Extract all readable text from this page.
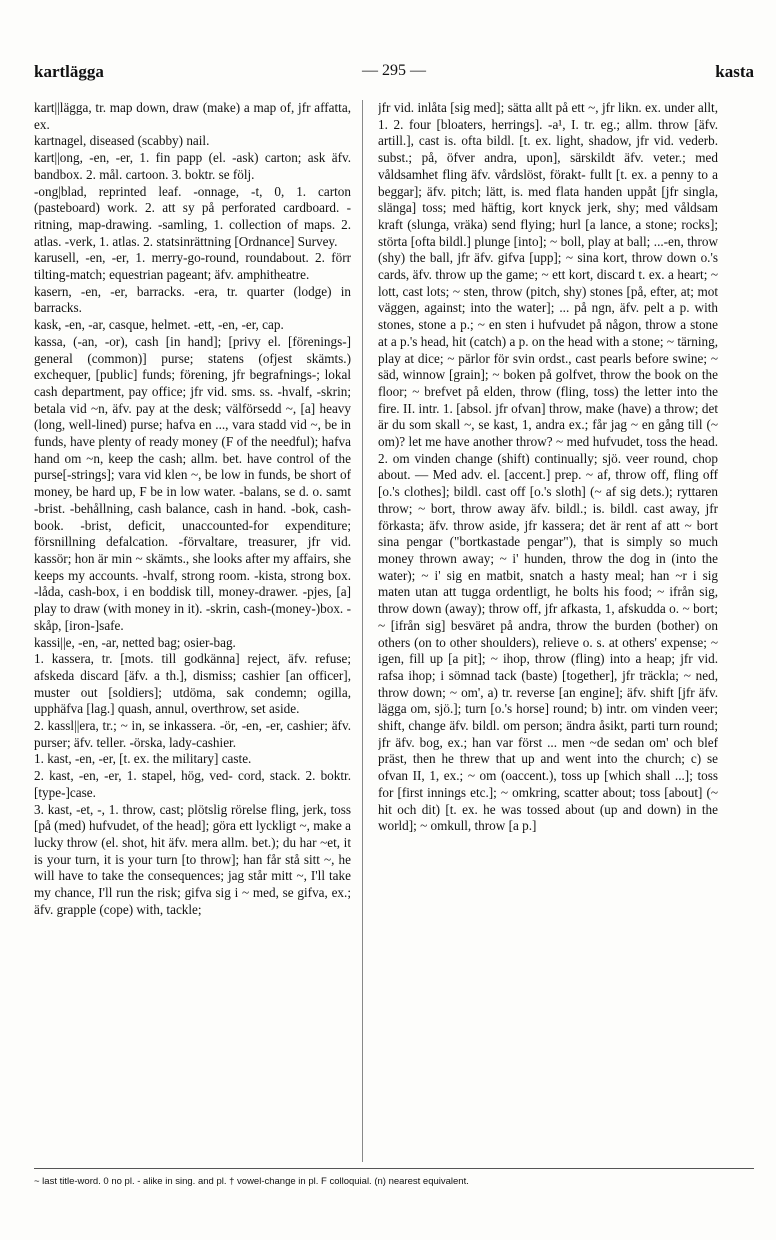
kartlägga	— 295 —	kasta

kart||lägga, tr. map down, draw (make) a map of, jfr affatta, ex.

kartnagel, diseased (scabby) nail.

kart||ong, -en, -er, 1. fin papp (el. -ask) carton; ask äfv. bandbox. 2. mål. cartoon. 3. boktr. se följ.

-ong|blad, reprinted leaf. -onnage, -t, 0, 1. carton (pasteboard) work. 2. att sy på perforated cardboard. -ritning, map-drawing. -samling, 1. collection of maps. 2. atlas. -verk, 1. atlas. 2. statsinrättning [Ordnance] Survey.

karusell, -en, -er, 1. merry-go-round, roundabout. 2. förr tilting-match; equestrian pageant; äfv. amphitheatre.

kasern, -en, -er, barracks. -era, tr. quarter (lodge) in barracks.

kask, -en, -ar, casque, helmet. -ett, -en, -er, cap.

kassa, (-an, -or), cash [in hand]; [privy el. [förenings-] general (common)] purse; statens (ofjest skämts.) exchequer, [public] funds; förening, jfr begrafnings-; lokal cash department, pay office; jfr vid. sms. ss. -hvalf, -skrin; betala vid ~n, äfv. pay at the desk; välförsedd ~, [a] heavy (long, well-lined) purse; hafva en ..., vara stadd vid ~, be in funds, have plenty of ready money (F of the needful); hafva hand om ~n, keep the cash; allm. bet. have control of the purse[-strings]; vara vid klen ~, be low in funds, be short of money, be hard up, F be in low water. -balans, se d. o. samt -brist. -behållning, cash balance, cash in hand. -bok, cash-book. -brist, deficit, unaccounted-for expenditure; försnillning defalcation. -förvaltare, treasurer, jfr vid. kassör; hon är min ~ skämts., she looks after my affairs, she keeps my accounts. -hvalf, strong room. -kista, strong box. -låda, cash-box, i en boddisk till, money-drawer. -pjes, [a] play to draw (with money in it). -skrin, cash-(money-)box. -skåp, [iron-]safe.

kassi||e, -en, -ar, netted bag; osier-bag.

1. kassera, tr. [mots. till godkänna] reject, äfv. refuse; afskeda discard [äfv. a th.], dismiss; cashier [an officer], muster out [soldiers]; utdöma, sak condemn; ogilla, upphäfva [lag.] quash, annul, overthrow, set aside.

2. kassl||era, tr.; ~ in, se inkassera. -ör, -en, -er, cashier; äfv. purser; äfv. teller. -örska, lady-cashier.

1. kast, -en, -er, [t. ex. the military] caste.

2. kast, -en, -er, 1. stapel, hög, ved- cord, stack. 2. boktr. [type-]case.

3. kast, -et, -, 1. throw, cast; plötslig rörelse fling, jerk, toss [på (med) hufvudet, of the head]; göra ett lyckligt ~, make a lucky throw (el. shot, hit äfv. mera allm. bet.); du har ~et, it is your turn, it is your turn [to throw]; han får stå sitt ~, he will have to take the consequences; jag står mitt ~, I'll take my chance, I'll run the risk; gifva sig i ~ med, se gifva, ex.; äfv. grapple (cope) with, tackle;

jfr vid. inlåta [sig med]; sätta allt på ett ~, jfr likn. ex. under allt, 1. 2. four [bloaters, herrings]. -a¹, I. tr. eg.; allm. throw [äfv. artill.], cast is. ofta bildl. [t. ex. light, shadow, jfr vid. vederb. subst.; på, öfver andra, upon], särskildt äfv. veter.; med våldsamhet fling äfv. vårdslöst, förakt- fullt [t. ex. a penny to a beggar]; äfv. pitch; lätt, is. med flata handen uppåt [jfr singla, slänga] toss; med häftig, kort knyck jerk, shy; med våldsam kraft (slunga, vräka) send flying; hurl [a lance, a stone; rocks]; störta [ofta bildl.] plunge [into]; ~ boll, play at ball; ...-en, throw (shy) the ball, jfr äfv. gifva [upp]; ~ sina kort, throw down o.'s cards, äfv. throw up the game; ~ ett kort, discard t. ex. a heart; ~ lott, cast lots; ~ sten, throw (pitch, shy) stones [på, efter, at; mot väggen, against; into the water]; ... på ngn, äfv. pelt a p. with stones, stone a p.; ~ en sten i hufvudet på någon, throw a stone at a p.'s head, hit (catch) a p. on the head with a stone; ~ tärning, play at dice; ~ pärlor för svin ordst., cast pearls before swine; ~ säd, winnow [grain]; ~ boken på golfvet, throw the book on the floor; ~ brefvet på elden, throw (fling, toss) the letter into the fire. II. intr. 1. [absol. jfr ofvan] throw, make (have) a throw; det är du som skall ~, se kast, 1, andra ex.; får jag ~ en gång till (~ om)? let me have another throw? ~ med hufvudet, toss the head. 2. om vinden change (shift) continually; sjö. veer round, chop about. — Med adv. el. [accent.] prep. ~ af, throw off, fling off [o.'s clothes]; bildl. cast off [o.'s sloth] (~ af sig dets.); ryttaren throw; ~ bort, throw away äfv. bildl.; is. bildl. cast away, jfr förkasta; äfv. throw aside, jfr kassera; det är rent af att ~ bort sina pengar ("bortkastade pengar"), that is simply so much money thrown away; ~ i' hunden, throw the dog in (into the water); ~ i' sig en matbit, snatch a hasty meal; han ~r i sig maten utan att tugga ordentligt, he bolts his food; ~ ifrån sig, throw down (away); throw off, jfr afkasta, 1, afskudda o. ~ bort; ~ [ifrån sig] besväret på andra, throw the burden (bother) on others (on to other shoulders), relieve o. s. at others' expense; ~ igen, fill up [a pit]; ~ ihop, throw (fling) into a heap; jfr vid. rafsa ihop; i sömnad tack (baste) [together], jfr träckla; ~ ned, throw down; ~ om', a) tr. reverse [an engine]; äfv. shift [jfr äfv. lägga om, sjö.]; turn [o.'s horse] round; b) intr. om vinden veer; shift, change äfv. bildl. om person; ändra åsikt, parti turn round; jfr äfv. bog, ex.; han var först ... men ~de sedan om' och blef präst, then he threw that up and went into the church; c) se ofvan II, 1, ex.; ~ om (oaccent.), toss up [which shall ...]; toss for [first innings etc.]; ~ omkring, scatter about; toss [about] (~ hit och dit) [t. ex. he was tossed about (up and down) in the world]; ~ omkull, throw [a p.]

~ last title-word. 0 no pl. - alike in sing. and pl. † vowel-change in pl. F colloquial. (n) nearest equivalent.
